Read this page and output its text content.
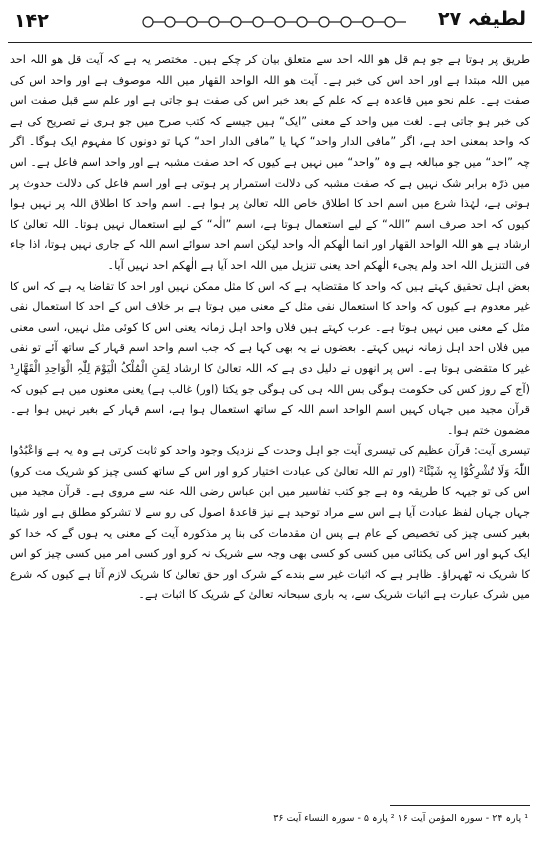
۱۴۲	لطیفہ ۲۷

طریق پر ہوتا ہے جو ہم قل ھو اللہ احد سے متعلق بیان کر چکے ہیں۔ مختصر یہ ہے کہ آیت قل ھو اللہ احد میں اللہ مبتدا ہے اور احد اس کی خبر ہے۔ آیت ھو اللہ الواحد القھار میں اللہ موصوف ہے اور واحد اس کی صفت ہے۔ علم نحو میں قاعدہ ہے کہ علم کے بعد خبر اس کی صفت ہو جاتی ہے اور علم سے قبل صفت اس کی خبر ہو جاتی ہے۔ لغت میں واحد کے معنی ”ایک“ ہیں جیسے کہ کتب صرح میں جو ہری نے تصریح کی ہے کہ واحد بمعنی احد ہے، اگر ”مافی الدار واحد“ کہا یا ”مافی الدار احد“ کہا تو دونوں کا مفہوم ایک ہوگا۔ اگر چہ ”احد“ میں جو مبالغہ ہے وہ ”واحد“ میں نہیں ہے کیوں کہ احد صفت مشبہ ہے اور واحد اسم فاعل ہے۔ اس میں ذرّہ برابر شک نہیں ہے کہ صفت مشبہ کی دلالت استمرار پر ہوتی ہے اور اسم فاعل کی دلالت حدوث پر ہوتی ہے، لہٰذا شرع میں اسم احد کا اطلاق خاص اللہ تعالیٰ پر ہوا ہے۔ اسم واحد کا اطلاق اللہ پر نہیں ہوا کیوں کہ احد صرف اسم ”اللہ“ کے لیے استعمال ہوتا ہے، اسم ”الٰہ“ کے لیے استعمال نہیں ہوتا۔ اللہ تعالیٰ کا ارشاد ہے ھو اللہ الواحد القھار اور انما الٰھکم الٰہ واحد لیکن اسم احد سوائے اسم اللہ کے جاری نہیں ہوتا، اذا جاء فی التنزیل اللہ احد ولم یجیء الٰھکم احد یعنی تنزیل میں اللہ احد آیا ہے الٰھکم احد نہیں آیا۔

بعض اہل تحقیق کہتے ہیں کہ واحد کا مقتضایہ ہے کہ اس کا مثل ممکن نہیں اور احد کا تقاضا یہ ہے کہ اس کا غیر معدوم ہے کیوں کہ واحد کا استعمال نفی مثل کے معنی میں ہوتا ہے بر خلاف اس کے احد کا استعمال نفی مثل کے معنی میں نہیں ہوتا ہے۔ عرب کہتے ہیں فلاں واحد اہل زمانہ یعنی اس کا کوئی مثل نہیں، اسی معنی میں فلاں احد اہل زمانہ نہیں کہتے۔ بعضوں نے یہ بھی کہا ہے کہ جب اسم واحد اسم قہار کے ساتھ آئے تو نفی غیر کا متقضی ہوتا ہے۔ اس پر انھوں نے دلیل دی ہے کہ اللہ تعالیٰ کا ارشاد لِمَنِ الْمُلْکُ الْیَوْمَ لِلّٰہِ الْوَاحِدِ الْقَھَّارِ¹ (آج کے روز کس کی حکومت ہوگی بس اللہ ہی کی ہوگی جو یکتا (اور) غالب ہے) یعنی معنوں میں ہے کیوں کہ قرآن مجید میں جہاں کہیں اسم الواحد اسم اللہ کے ساتھ استعمال ہوا ہے، اسم قہار کے بغیر نہیں ہوا ہے۔ مضمون ختم ہوا۔

تیسری آیت: قرآن عظیم کی تیسری آیت جو اہل وحدت کے نزدیک وجود واحد کو ثابت کرتی ہے وہ یہ ہے وَاعْبُدُوا اللّٰہَ وَلَا تُشْرِکُوْا بِہٖ شَیْئًا² (اور تم اللہ تعالیٰ کی عبادت اختیار کرو اور اس کے ساتھ کسی چیز کو شریک مت کرو) اس کی تو جیہہ کا طریقہ وہ ہے جو کتب تفاسیر میں ابن عباس رضی اللہ عنہ سے مروی ہے۔ قرآن مجید میں جہاں جہاں لفظ عبادت آیا ہے اس سے مراد توحید ہے نیز قاعدۂ اصول کی رو سے لا تشرکو مطلق ہے اور شیئا بغیر کسی چیز کی تخصیص کے عام ہے پس ان مقدمات کی بنا پر مذکورہ آیت کے معنی یہ ہوں گے کہ خدا کو ایک کہو اور اس کی یکتائی میں کسی کو کسی بھی وجہ سے شریک نہ کرو اور کسی امر میں کسی چیز کو اس کا شریک نہ ٹھہراؤ۔ ظاہر ہے کہ اثبات غیر سے بندے کے شرک اور حق تعالیٰ کا شریک لازم آتا ہے کیوں کہ شرع میں شرک عبارت ہے اثبات شریک سے، یہ باری سبحانہ تعالیٰ کے شریک کا اثبات ہے۔

¹ پارہ ۲۴ - سورہ المؤمن آیت ۱۶ ² پارہ ۵ - سورہ النساء آیت ۳۶
